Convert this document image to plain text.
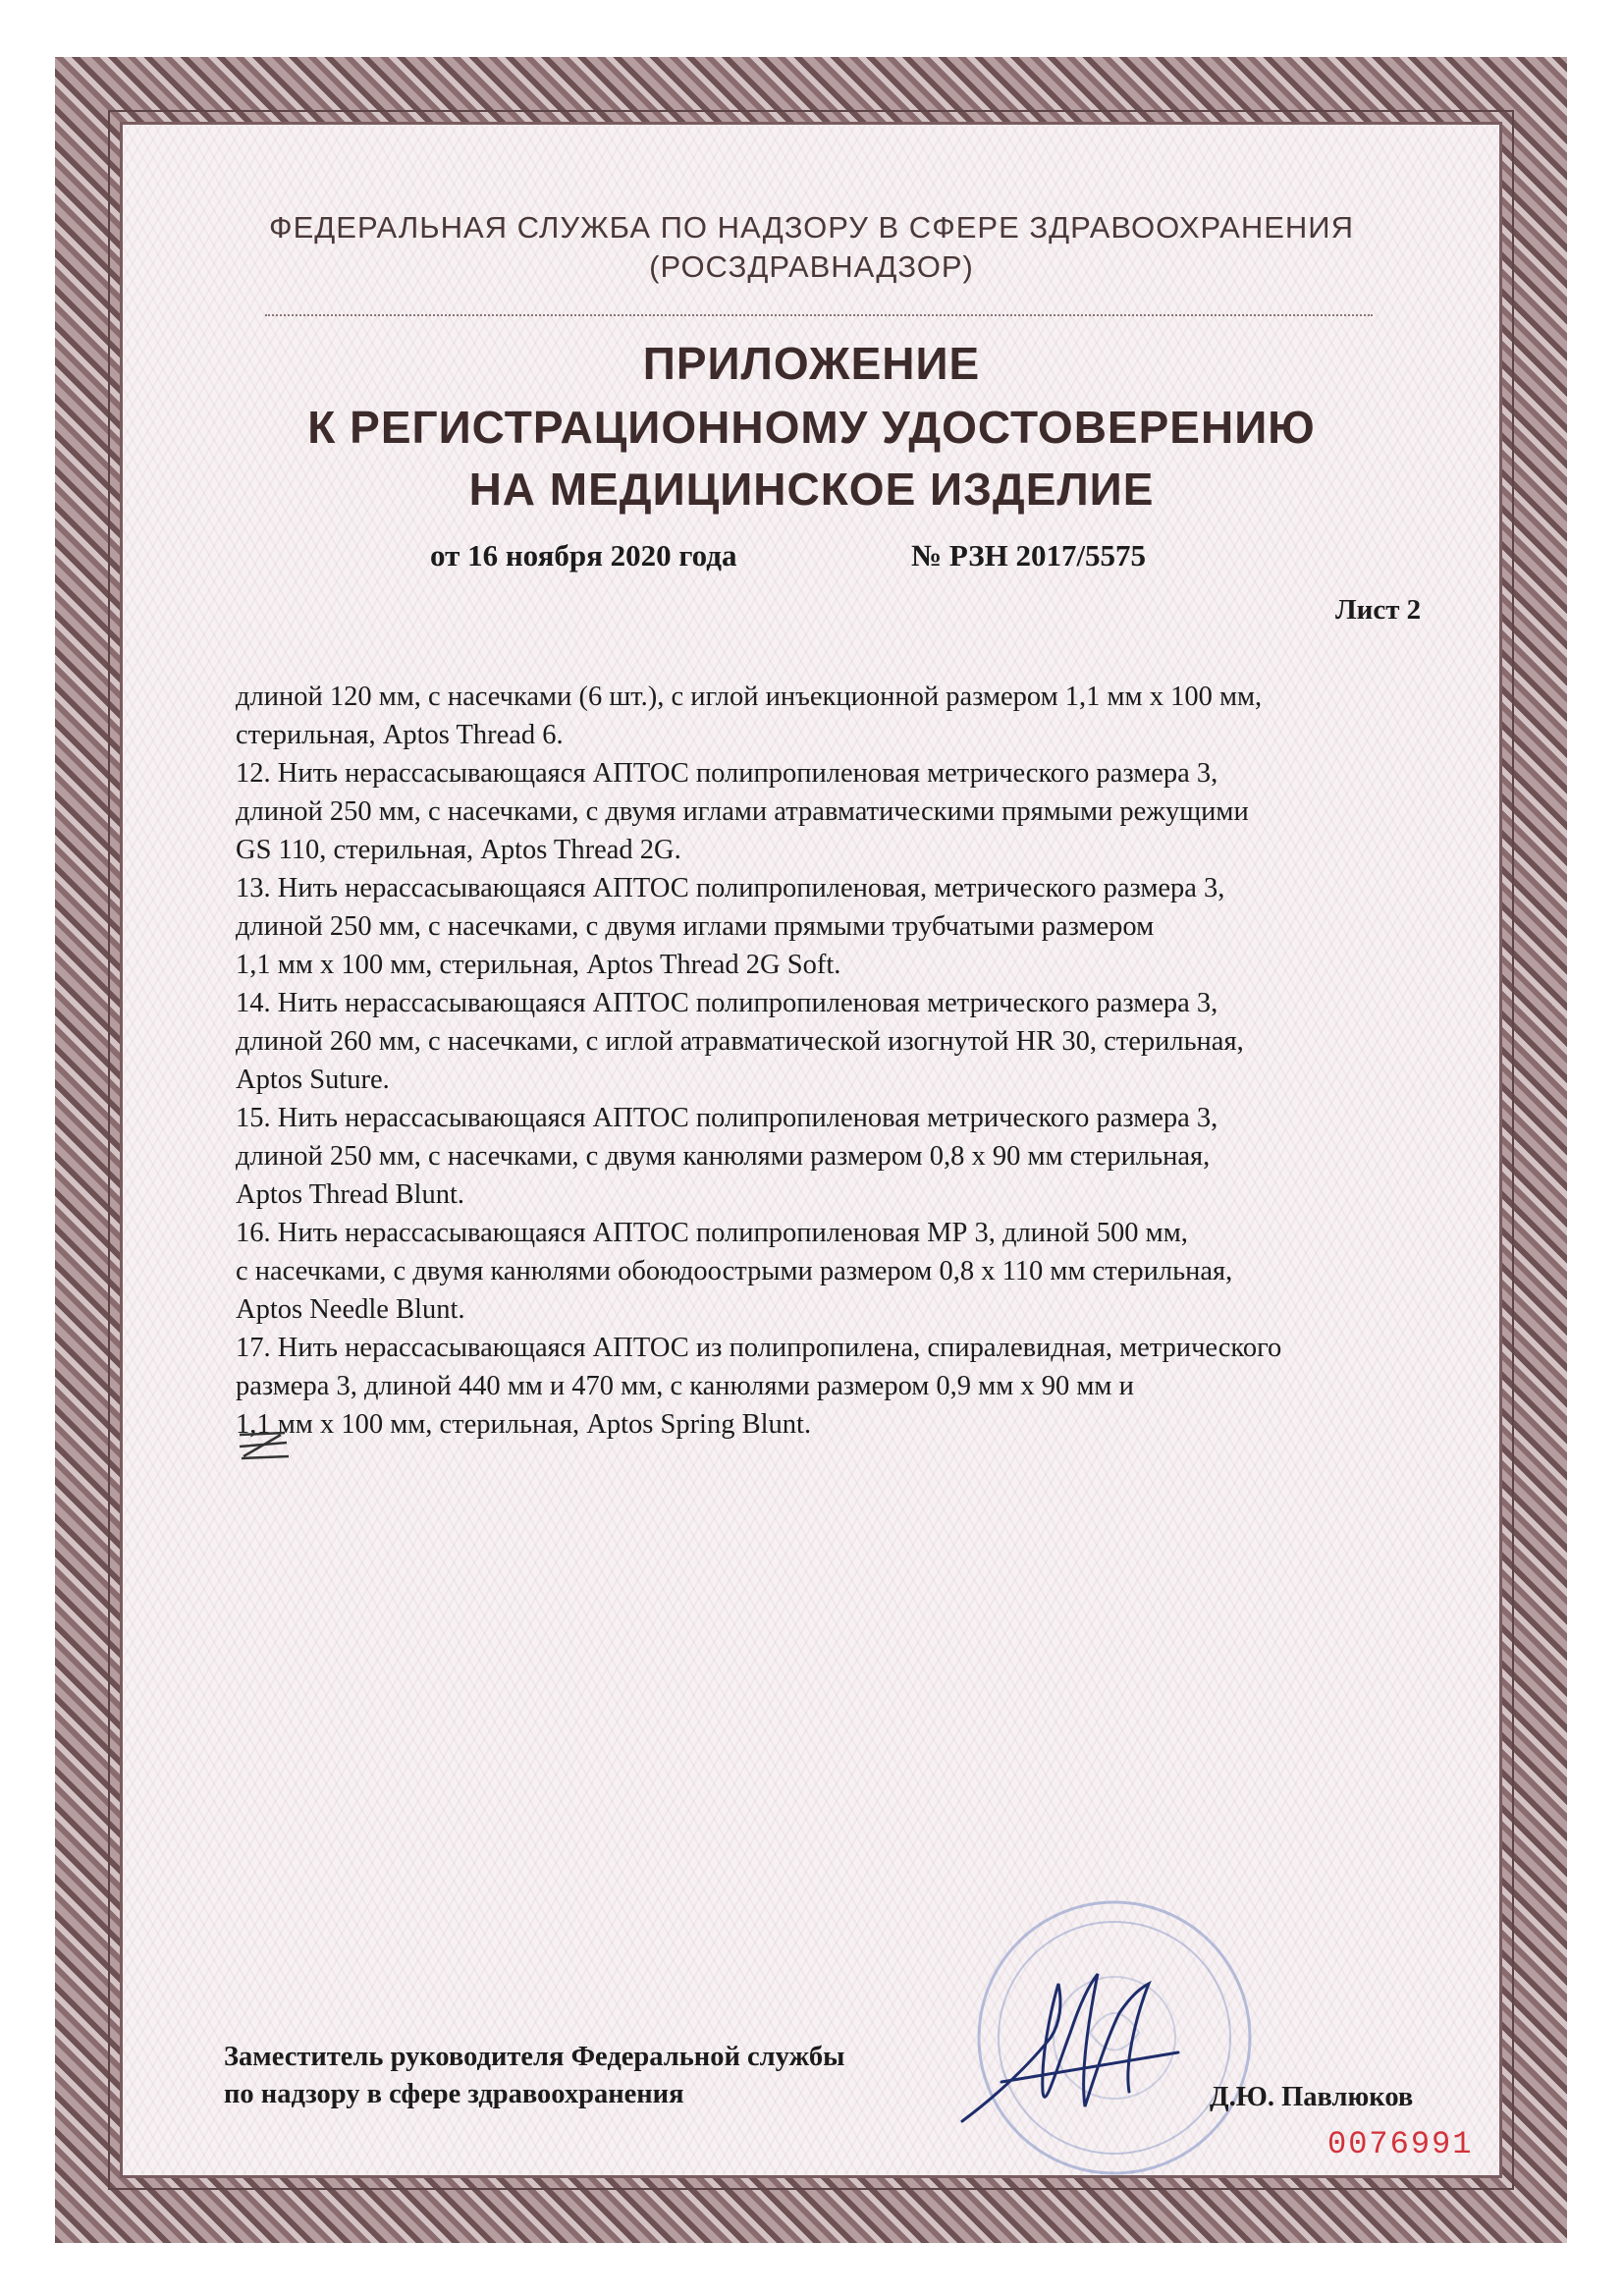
ФЕДЕРАЛЬНАЯ СЛУЖБА ПО НАДЗОРУ В СФЕРЕ ЗДРАВООХРАНЕНИЯ
(РОСЗДРАВНАДЗОР)
ПРИЛОЖЕНИЕ
К РЕГИСТРАЦИОННОМУ УДОСТОВЕРЕНИЮ
НА МЕДИЦИНСКОЕ ИЗДЕЛИЕ
от 16 ноября 2020 года	№ РЗН 2017/5575
Лист 2
длиной 120 мм, с насечками (6 шт.), с иглой инъекционной размером 1,1 мм х 100 мм,
стерильная, Aptos Thread 6.
12. Нить нерассасывающаяся АПТОС полипропиленовая метрического размера 3,
длиной 250 мм, с насечками, с двумя иглами атравматическими прямыми режущими
GS 110, стерильная, Aptos Thread 2G.
13. Нить нерассасывающаяся АПТОС полипропиленовая, метрического размера 3,
длиной 250 мм, с насечками, с двумя иглами прямыми трубчатыми размером
1,1 мм х 100 мм, стерильная, Aptos Thread 2G Soft.
14. Нить нерассасывающаяся АПТОС полипропиленовая метрического размера 3,
длиной 260 мм, с насечками, с иглой атравматической изогнутой HR 30, стерильная,
Aptos Suture.
15. Нить нерассасывающаяся АПТОС полипропиленовая метрического размера 3,
длиной 250 мм, с насечками, с двумя канюлями размером 0,8 х 90 мм стерильная,
Aptos Thread Blunt.
16. Нить нерассасывающаяся АПТОС полипропиленовая МР 3, длиной 500 мм,
с насечками, с двумя канюлями обоюдоострыми размером 0,8 х 110 мм стерильная,
Aptos Needle Blunt.
17. Нить нерассасывающаяся АПТОС из полипропилена, спиралевидная, метрического
размера 3, длиной 440 мм и 470 мм, с канюлями размером 0,9 мм х 90 мм и
1,1 мм х 100 мм, стерильная, Aptos Spring Blunt.
Заместитель руководителя Федеральной службы
по надзору в сфере здравоохранения	Д.Ю. Павлюков
0076991
